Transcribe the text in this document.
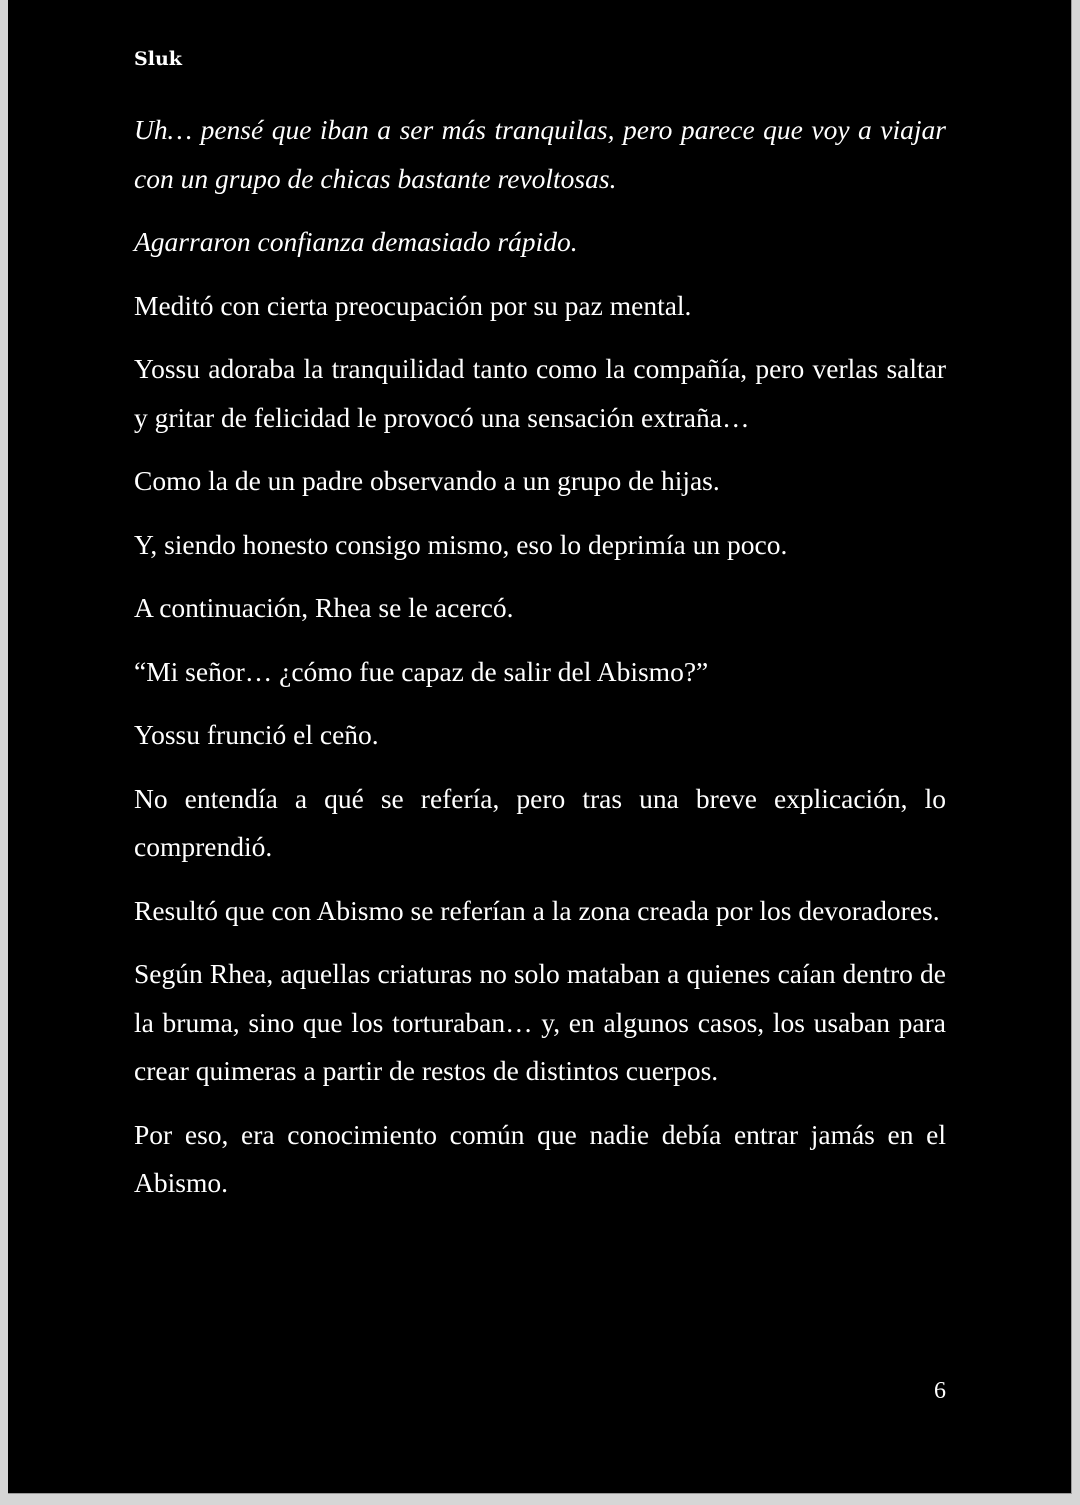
Sluk

Uh… pensé que iban a ser más tranquilas, pero parece que voy a viajar con un grupo de chicas bastante revoltosas.

Agarraron confianza demasiado rápido.

Meditó con cierta preocupación por su paz mental.

Yossu adoraba la tranquilidad tanto como la compañía, pero verlas saltar y gritar de felicidad le provocó una sensación extraña…

Como la de un padre observando a un grupo de hijas.

Y, siendo honesto consigo mismo, eso lo deprimía un poco.

A continuación, Rhea se le acercó.

“Mi señor… ¿cómo fue capaz de salir del Abismo?”

Yossu frunció el ceño.

No entendía a qué se refería, pero tras una breve explicación, lo comprendió.

Resultó que con Abismo se referían a la zona creada por los devoradores.

Según Rhea, aquellas criaturas no solo mataban a quienes caían dentro de la bruma, sino que los torturaban… y, en algunos casos, los usaban para crear quimeras a partir de restos de distintos cuerpos.

Por eso, era conocimiento común que nadie debía entrar jamás en el Abismo.

6
